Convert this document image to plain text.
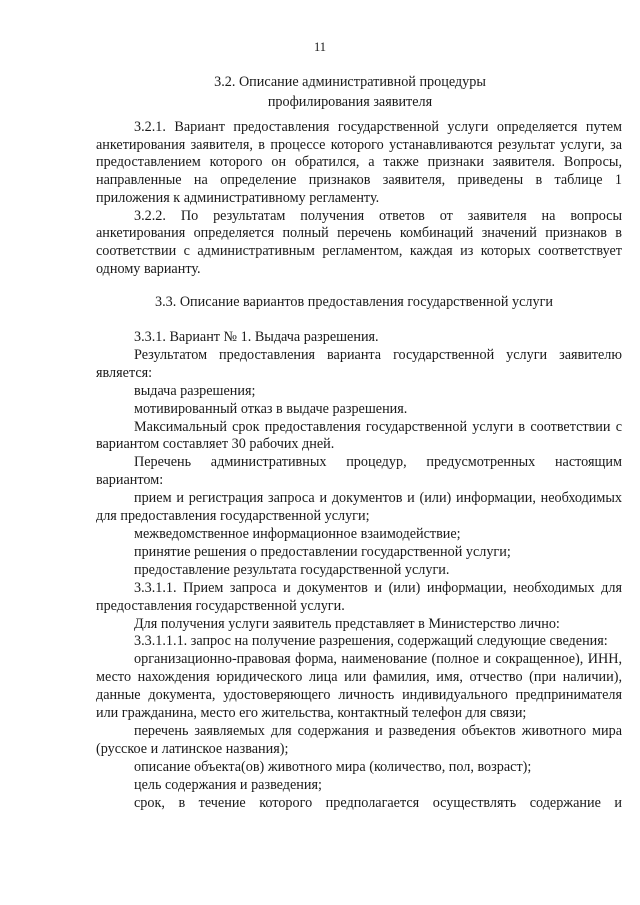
11
3.2. Описание административной процедуры
профилирования заявителя

3.2.1. Вариант предоставления государственной услуги определяется путем анкетирования заявителя, в процессе которого устанавливаются результат услуги, за предоставлением которого он обратился, а также признаки заявителя. Вопросы, направленные на определение признаков заявителя, приведены в таблице 1 приложения к административному регламенту.

3.2.2. По результатам получения ответов от заявителя на вопросы анкетирования определяется полный перечень комбинаций значений признаков в соответствии с административным регламентом, каждая из которых соответствует одному варианту.

3.3. Описание вариантов предоставления государственной услуги

3.3.1. Вариант № 1. Выдача разрешения.

Результатом предоставления варианта государственной услуги заявителю является:

выдача разрешения;

мотивированный отказ в выдаче разрешения.

Максимальный срок предоставления государственной услуги в соответствии с вариантом составляет 30 рабочих дней.

Перечень административных процедур, предусмотренных настоящим вариантом:

прием и регистрация запроса и документов и (или) информации, необходимых для предоставления государственной услуги;

межведомственное информационное взаимодействие;

принятие решения о предоставлении государственной услуги;

предоставление результата государственной услуги.

3.3.1.1. Прием запроса и документов и (или) информации, необходимых для предоставления государственной услуги.

Для получения услуги заявитель представляет в Министерство лично:

3.3.1.1.1. запрос на получение разрешения, содержащий следующие сведения:

организационно-правовая форма, наименование (полное и сокращенное), ИНН, место нахождения юридического лица или фамилия, имя, отчество (при наличии), данные документа, удостоверяющего личность индивидуального предпринимателя или гражданина, место его жительства, контактный телефон для связи;

перечень заявляемых для содержания и разведения объектов животного мира (русское и латинское названия);

описание объекта(ов) животного мира (количество, пол, возраст);

цель содержания и разведения;

срок, в течение которого предполагается осуществлять содержание и
